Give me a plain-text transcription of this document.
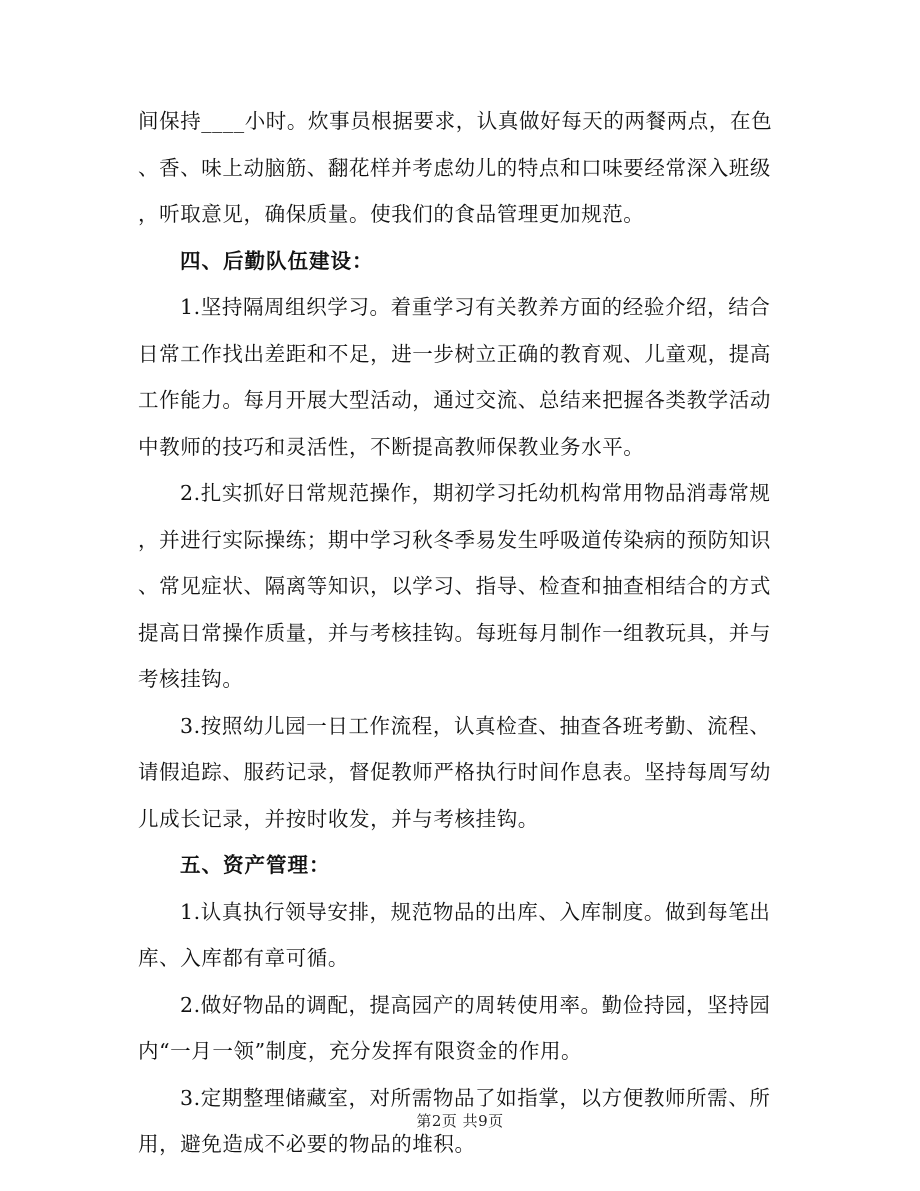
间保持____小时。炊事员根据要求，认真做好每天的两餐两点，在色
、香、味上动脑筋、翻花样并考虑幼儿的特点和口味要经常深入班级
，听取意见，确保质量。使我们的食品管理更加规范。
四、后勤队伍建设：
1.坚持隔周组织学习。着重学习有关教养方面的经验介绍，结合
日常工作找出差距和不足，进一步树立正确的教育观、儿童观，提高
工作能力。每月开展大型活动，通过交流、总结来把握各类教学活动
中教师的技巧和灵活性，不断提高教师保教业务水平。
2.扎实抓好日常规范操作，期初学习托幼机构常用物品消毒常规
，并进行实际操练；期中学习秋冬季易发生呼吸道传染病的预防知识
、常见症状、隔离等知识，以学习、指导、检查和抽查相结合的方式
提高日常操作质量，并与考核挂钩。每班每月制作一组教玩具，并与
考核挂钩。
3.按照幼儿园一日工作流程，认真检查、抽查各班考勤、流程、
请假追踪、服药记录，督促教师严格执行时间作息表。坚持每周写幼
儿成长记录，并按时收发，并与考核挂钩。
五、资产管理：
1.认真执行领导安排，规范物品的出库、入库制度。做到每笔出
库、入库都有章可循。
2.做好物品的调配，提高园产的周转使用率。勤俭持园，坚持园
内“一月一领”制度，充分发挥有限资金的作用。
3.定期整理储藏室，对所需物品了如指掌，以方便教师所需、所
用，避免造成不必要的物品的堆积。
第2页 共9页
